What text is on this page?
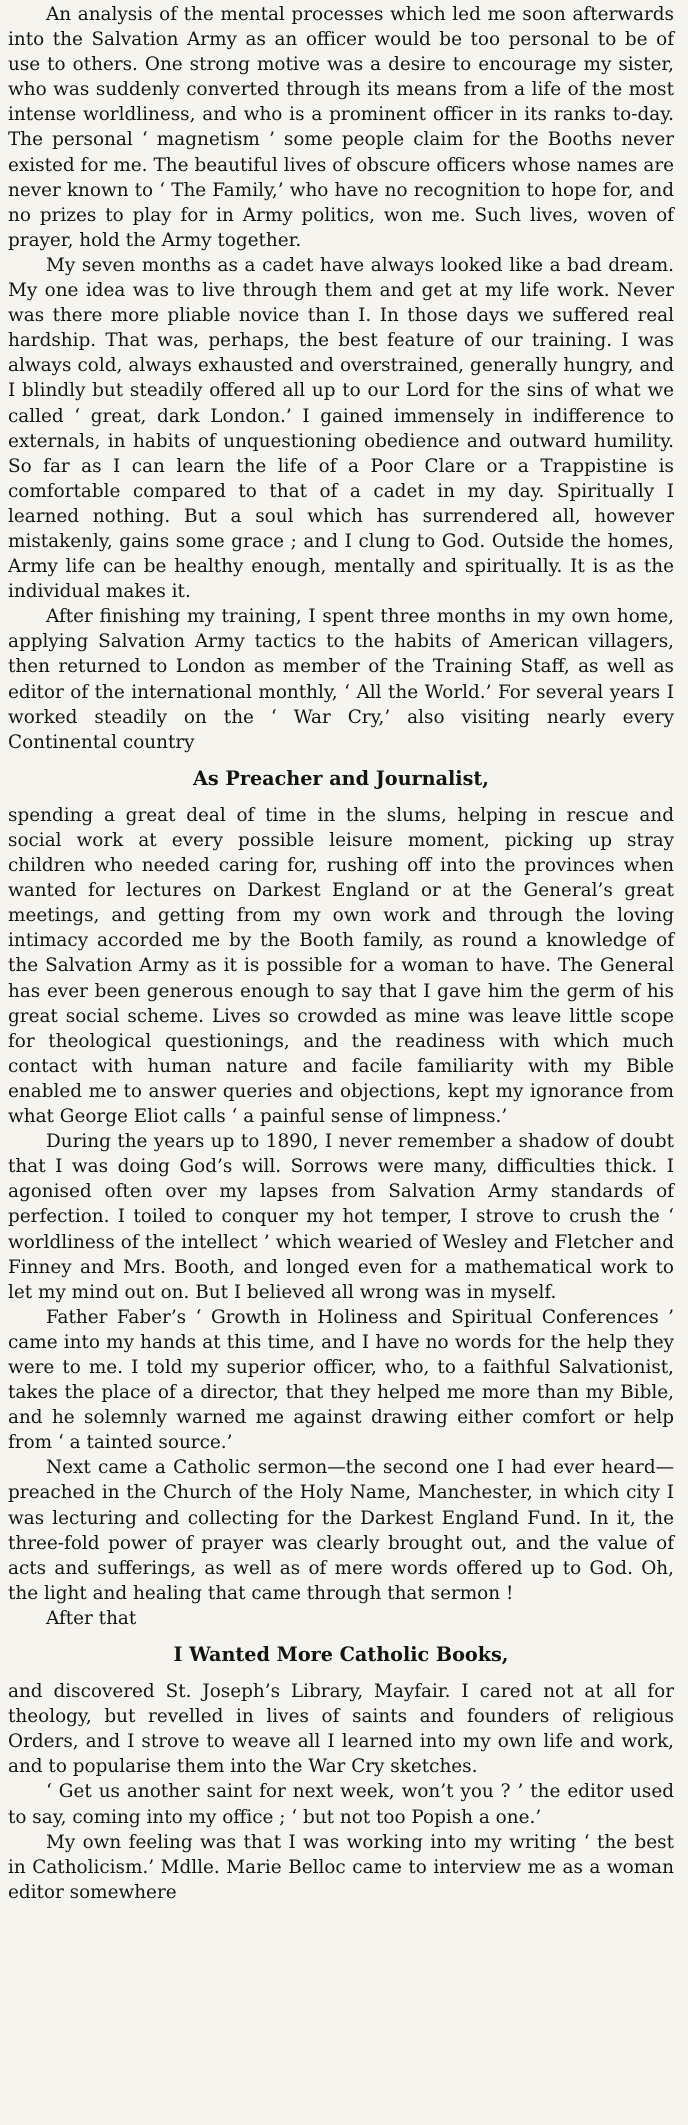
An analysis of the mental processes which led me soon afterwards into the Salvation Army as an officer would be too personal to be of use to others. One strong motive was a desire to encourage my sister, who was suddenly converted through its means from a life of the most intense worldliness, and who is a prominent officer in its ranks to-day. The personal ‘ magnetism ’ some people claim for the Booths never existed for me. The beautiful lives of obscure officers whose names are never known to ‘ The Family,’ who have no recognition to hope for, and no prizes to play for in Army politics, won me. Such lives, woven of prayer, hold the Army together.

My seven months as a cadet have always looked like a bad dream. My one idea was to live through them and get at my life work. Never was there more pliable novice than I. In those days we suffered real hardship. That was, perhaps, the best feature of our training. I was always cold, always exhausted and overstrained, generally hungry, and I blindly but steadily offered all up to our Lord for the sins of what we called ‘ great, dark London.’ I gained immensely in indifference to externals, in habits of unquestioning obedience and outward humility. So far as I can learn the life of a Poor Clare or a Trappistine is comfortable compared to that of a cadet in my day. Spiritually I learned nothing. But a soul which has surrendered all, however mistakenly, gains some grace ; and I clung to God. Outside the homes, Army life can be healthy enough, mentally and spiritually. It is as the individual makes it.

After finishing my training, I spent three months in my own home, applying Salvation Army tactics to the habits of American villagers, then returned to London as member of the Training Staff, as well as editor of the international monthly, ‘ All the World.’ For several years I worked steadily on the ‘ War Cry,’ also visiting nearly every Continental country

As Preacher and Journalist,

spending a great deal of time in the slums, helping in rescue and social work at every possible leisure moment, picking up stray children who needed caring for, rushing off into the provinces when wanted for lectures on Darkest England or at the General’s great meetings, and getting from my own work and through the loving intimacy accorded me by the Booth family, as round a knowledge of the Salvation Army as it is possible for a woman to have. The General has ever been generous enough to say that I gave him the germ of his great social scheme. Lives so crowded as mine was leave little scope for theological questionings, and the readiness with which much contact with human nature and facile familiarity with my Bible enabled me to answer queries and objections, kept my ignorance from what George Eliot calls ‘ a painful sense of limpness.’

During the years up to 1890, I never remember a shadow of doubt that I was doing God’s will. Sorrows were many, difficulties thick. I agonised often over my lapses from Salvation Army standards of perfection. I toiled to conquer my hot temper, I strove to crush the ‘ worldliness of the intellect ’ which wearied of Wesley and Fletcher and Finney and Mrs. Booth, and longed even for a mathematical work to let my mind out on. But I believed all wrong was in myself.

Father Faber’s ‘ Growth in Holiness and Spiritual Conferences ’ came into my hands at this time, and I have no words for the help they were to me. I told my superior officer, who, to a faithful Salvationist, takes the place of a director, that they helped me more than my Bible, and he solemnly warned me against drawing either comfort or help from ‘ a tainted source.’

Next came a Catholic sermon—the second one I had ever heard—preached in the Church of the Holy Name, Manchester, in which city I was lecturing and collecting for the Darkest England Fund. In it, the three-fold power of prayer was clearly brought out, and the value of acts and sufferings, as well as of mere words offered up to God. Oh, the light and healing that came through that sermon !

After that

I Wanted More Catholic Books,

and discovered St. Joseph’s Library, Mayfair. I cared not at all for theology, but revelled in lives of saints and founders of religious Orders, and I strove to weave all I learned into my own life and work, and to popularise them into the War Cry sketches.

‘ Get us another saint for next week, won’t you ? ’ the editor used to say, coming into my office ; ‘ but not too Popish a one.’

My own feeling was that I was working into my writing ‘ the best in Catholicism.’ Mdlle. Marie Belloc came to interview me as a woman editor somewhere
